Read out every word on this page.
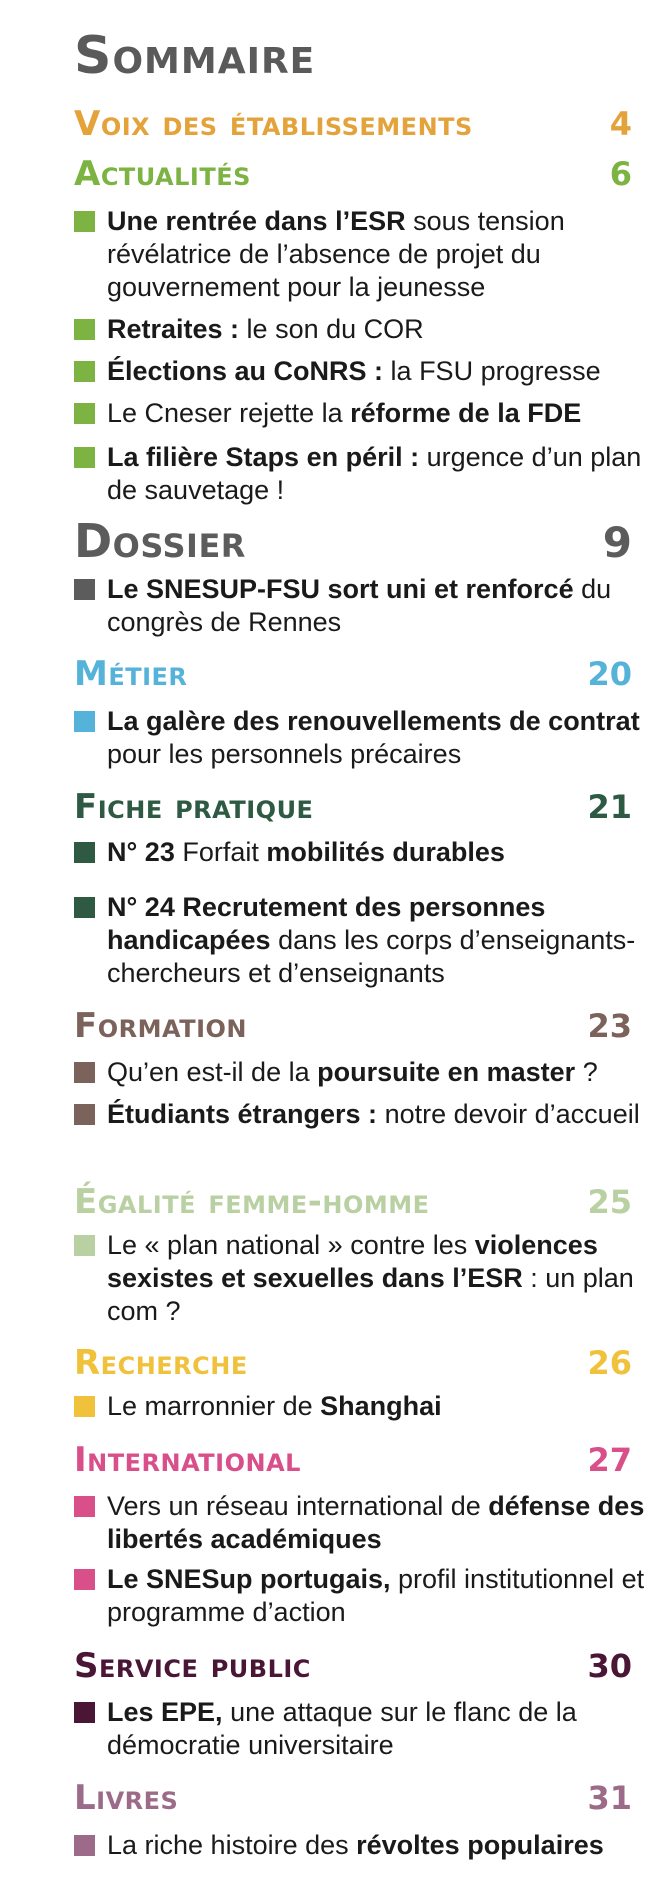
Sommaire
Voix des établissements	4
Actualités	6
Une rentrée dans l’ESR sous tension révélatrice de l’absence de projet du gouvernement pour la jeunesse
Retraites : le son du COR
Élections au CoNRS : la FSU progresse
Le Cneser rejette la réforme de la FDE
La filière Staps en péril : urgence d’un plan de sauvetage !
Dossier	9
Le SNESUP-FSU sort uni et renforcé du congrès de Rennes
Métier	20
La galère des renouvellements de contrat pour les personnels précaires
Fiche pratique	21
N° 23 Forfait mobilités durables
N° 24 Recrutement des personnes handicapées dans les corps d’enseignants-chercheurs et d’enseignants
Formation	23
Qu’en est-il de la poursuite en master ?
Étudiants étrangers : notre devoir d’accueil
Égalité femme-homme	25
Le « plan national » contre les violences sexistes et sexuelles dans l’ESR : un plan com ?
Recherche	26
Le marronnier de Shanghai
International	27
Vers un réseau international de défense des libertés académiques
Le SNESup portugais, profil institutionnel et programme d’action
Service public	30
Les EPE, une attaque sur le flanc de la démocratie universitaire
Livres	31
La riche histoire des révoltes populaires
